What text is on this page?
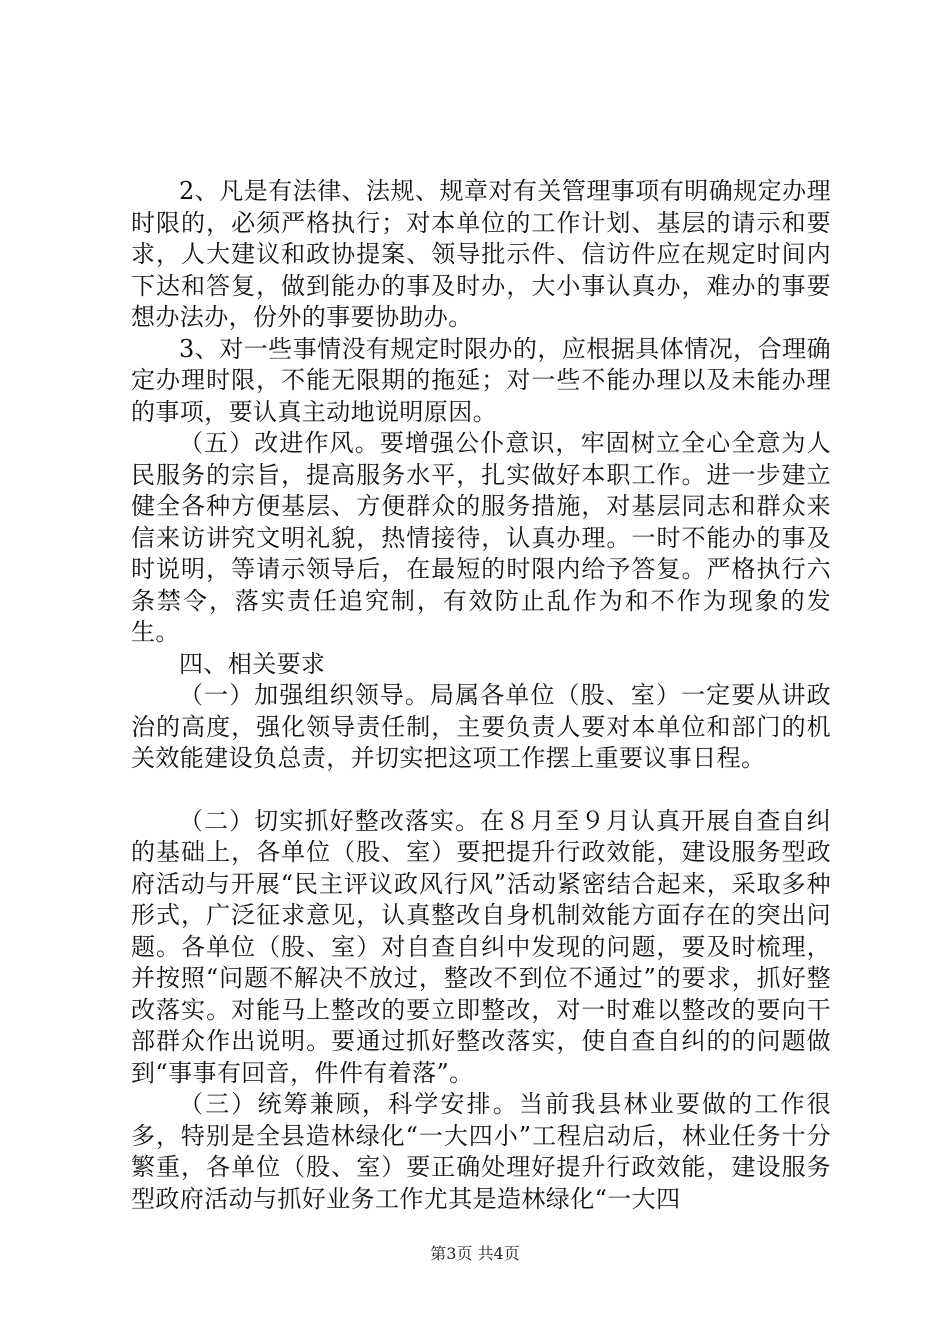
2、凡是有法律、法规、规章对有关管理事项有明确规定办理时限的，必须严格执行；对本单位的工作计划、基层的请示和要求，人大建议和政协提案、领导批示件、信访件应在规定时间内下达和答复，做到能办的事及时办，大小事认真办，难办的事要想办法办，份外的事要协助办。

3、对一些事情没有规定时限办的，应根据具体情况，合理确定办理时限，不能无限期的拖延；对一些不能办理以及未能办理的事项，要认真主动地说明原因。

（五）改进作风。要增强公仆意识，牢固树立全心全意为人民服务的宗旨，提高服务水平，扎实做好本职工作。进一步建立健全各种方便基层、方便群众的服务措施，对基层同志和群众来信来访讲究文明礼貌，热情接待，认真办理。一时不能办的事及时说明，等请示领导后，在最短的时限内给予答复。严格执行六条禁令，落实责任追究制，有效防止乱作为和不作为现象的发生。

四、相关要求

（一）加强组织领导。局属各单位（股、室）一定要从讲政治的高度，强化领导责任制，主要负责人要对本单位和部门的机关效能建设负总责，并切实把这项工作摆上重要议事日程。

（二）切实抓好整改落实。在８月至９月认真开展自查自纠的基础上，各单位（股、室）要把提升行政效能，建设服务型政府活动与开展“民主评议政风行风”活动紧密结合起来，采取多种形式，广泛征求意见，认真整改自身机制效能方面存在的突出问题。各单位（股、室）对自查自纠中发现的问题，要及时梳理，并按照“问题不解决不放过，整改不到位不通过”的要求，抓好整改落实。对能马上整改的要立即整改，对一时难以整改的要向干部群众作出说明。要通过抓好整改落实，使自查自纠的的问题做到“事事有回音，件件有着落”。

（三）统筹兼顾，科学安排。当前我县林业要做的工作很多，特别是全县造林绿化“一大四小”工程启动后，林业任务十分繁重，各单位（股、室）要正确处理好提升行政效能，建设服务型政府活动与抓好业务工作尤其是造林绿化“一大四

第3页 共4页
